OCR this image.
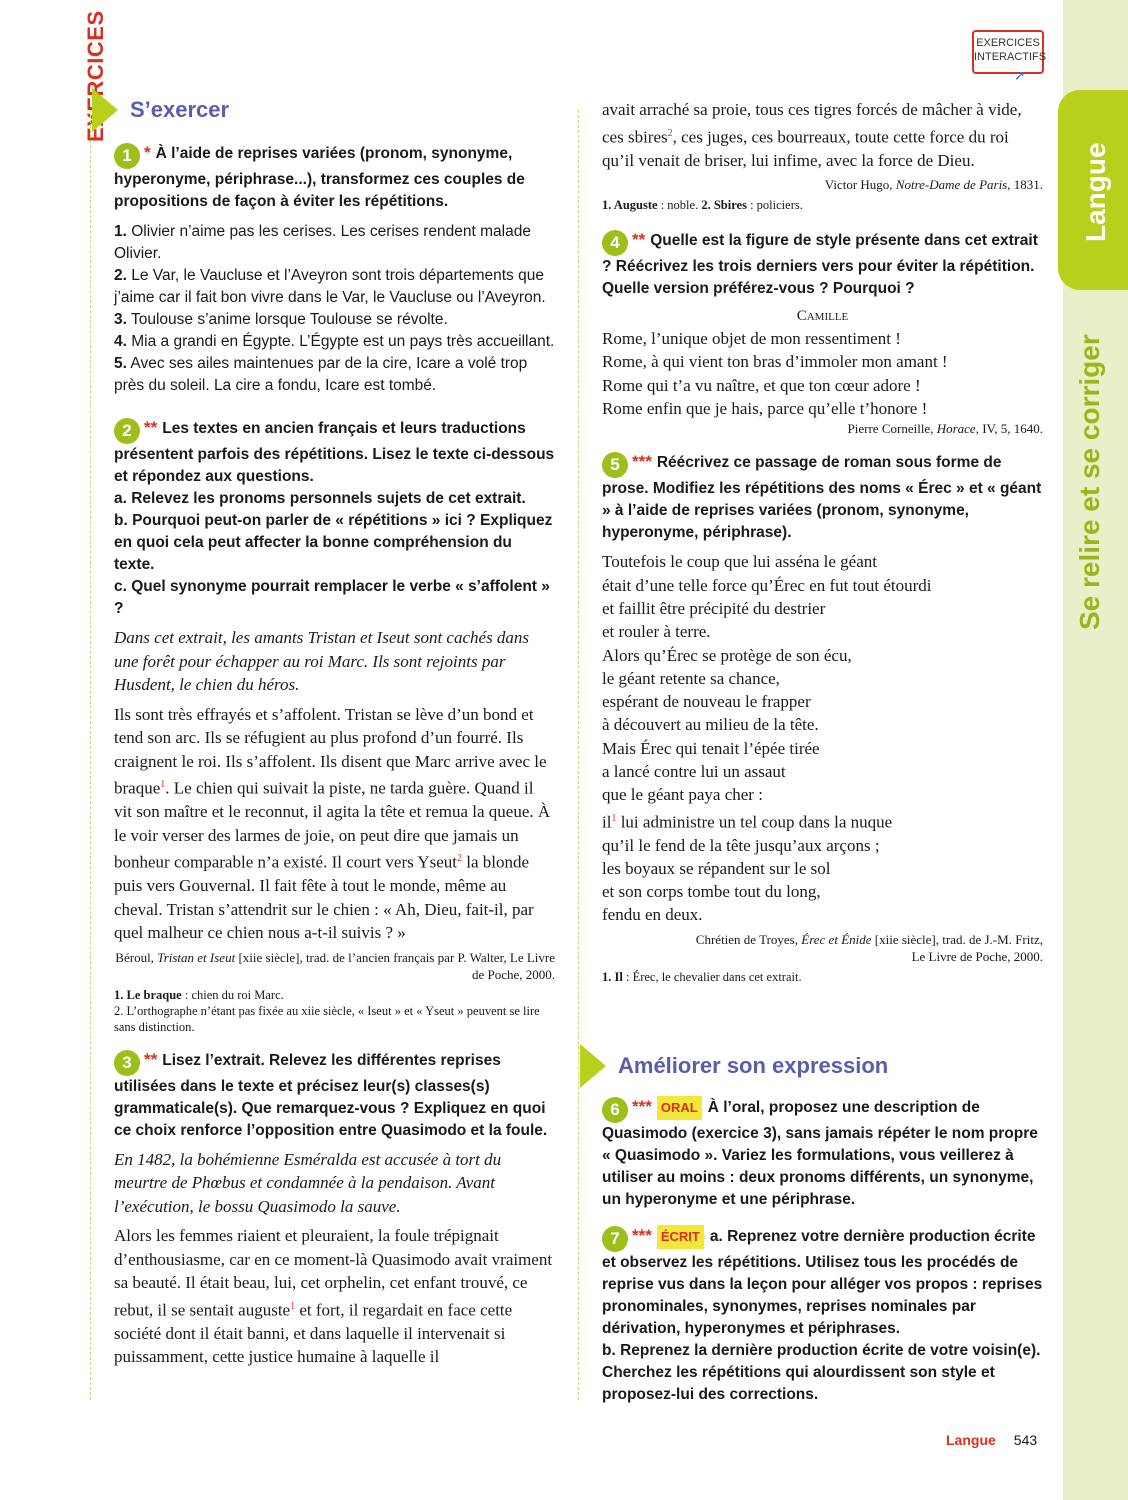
Langue
Se relire et se corriger
EXERCICES	EXERCICES
INTERACTIFS
➚
S’exercer

1 * À l’aide de reprises variées (pronom, synonyme, hyperonyme, périphrase...), transformez ces couples de propositions de façon à éviter les répétitions.

1. Olivier n’aime pas les cerises. Les cerises rendent malade Olivier.

2. Le Var, le Vaucluse et l’Aveyron sont trois départements que j’aime car il fait bon vivre dans le Var, le Vaucluse ou l’Aveyron.

3. Toulouse s’anime lorsque Toulouse se révolte.

4. Mia a grandi en Égypte. L’Égypte est un pays très accueillant.

5. Avec ses ailes maintenues par de la cire, Icare a volé trop près du soleil. La cire a fondu, Icare est tombé.

2 ** Les textes en ancien français et leurs traductions présentent parfois des répétitions. Lisez le texte ci-dessous et répondez aux questions.

a. Relevez les pronoms personnels sujets de cet extrait.

b. Pourquoi peut-on parler de « répétitions » ici ? Expliquez en quoi cela peut affecter la bonne compréhension du texte.

c. Quel synonyme pourrait remplacer le verbe « s’affolent » ?

Dans cet extrait, les amants Tristan et Iseut sont cachés dans une forêt pour échapper au roi Marc. Ils sont rejoints par Husdent, le chien du héros.

Ils sont très effrayés et s’affolent. Tristan se lève d’un bond et tend son arc. Ils se réfugient au plus profond d’un fourré. Ils craignent le roi. Ils s’affolent. Ils disent que Marc arrive avec le braque$^1$. Le chien qui suivait la piste, ne tarda guère. Quand il vit son maître et le reconnut, il agita la tête et remua la queue. À le voir verser des larmes de joie, on peut dire que jamais un bonheur comparable n’a existé. Il court vers Yseut$^2$ la blonde puis vers Gouvernal. Il fait fête à tout le monde, même au cheval. Tristan s’attendrit sur le chien : « Ah, Dieu, fait-il, par quel malheur ce chien nous a-t-il suivis ? »

Béroul, Tristan et Iseut [xiie siècle], trad. de l’ancien français par P. Walter, Le Livre de Poche, 2000.

1. Le braque : chien du roi Marc.

2. L’orthographe n’étant pas fixée au xiie siècle, « Iseut » et « Yseut » peuvent se lire sans distinction.

3 ** Lisez l’extrait. Relevez les différentes reprises utilisées dans le texte et précisez leur(s) classes(s) grammaticale(s). Que remarquez-vous ? Expliquez en quoi ce choix renforce l’opposition entre Quasimodo et la foule.

En 1482, la bohémienne Esméralda est accusée à tort du meurtre de Phœbus et condamnée à la pendaison. Avant l’exécution, le bossu Quasimodo la sauve.

Alors les femmes riaient et pleuraient, la foule trépignait d’enthousiasme, car en ce moment-là Quasimodo avait vraiment sa beauté. Il était beau, lui, cet orphelin, cet enfant trouvé, ce rebut, il se sentait auguste$^1$ et fort, il regardait en face cette société dont il était banni, et dans laquelle il intervenait si puissamment, cette justice humaine à laquelle il

avait arraché sa proie, tous ces tigres forcés de mâcher à vide, ces sbires$^2$, ces juges, ces bourreaux, toute cette force du roi qu’il venait de briser, lui infime, avec la force de Dieu.

Victor Hugo, Notre-Dame de Paris, 1831.

1. Auguste : noble. 2. Sbires : policiers.

4 ** Quelle est la figure de style présente dans cet extrait ? Réécrivez les trois derniers vers pour éviter la répétition. Quelle version préférez-vous ? Pourquoi ?

Camille

Rome, l’unique objet de mon ressentiment !

Rome, à qui vient ton bras d’immoler mon amant !

Rome qui t’a vu naître, et que ton cœur adore !

Rome enfin que je hais, parce qu’elle t’honore !

Pierre Corneille, Horace, IV, 5, 1640.

5 *** Réécrivez ce passage de roman sous forme de prose. Modifiez les répétitions des noms « Érec » et « géant » à l’aide de reprises variées (pronom, synonyme, hyperonyme, périphrase).

Toutefois le coup que lui asséna le géant

était d’une telle force qu’Érec en fut tout étourdi

et faillit être précipité du destrier

et rouler à terre.

Alors qu’Érec se protège de son écu,

le géant retente sa chance,

espérant de nouveau le frapper

à découvert au milieu de la tête.

Mais Érec qui tenait l’épée tirée

a lancé contre lui un assaut

que le géant paya cher :

$il^1$ lui administre un tel coup dans la nuque

qu’il le fend de la tête jusqu’aux arçons ;

les boyaux se répandent sur le sol

et son corps tombe tout du long,

fendu en deux.

Chrétien de Troyes, Érec et Énide [xiie siècle], trad. de J.-M. Fritz,
Le Livre de Poche, 2000.

1. Il : Érec, le chevalier dans cet extrait.

Améliorer son expression

6 *** ORAL À l’oral, proposez une description de Quasimodo (exercice 3), sans jamais répéter le nom propre « Quasimodo ». Variez les formulations, vous veillerez à utiliser au moins : deux pronoms différents, un synonyme, un hyperonyme et une périphrase.

7 *** ÉCRIT a. Reprenez votre dernière production écrite et observez les répétitions. Utilisez tous les procédés de reprise vus dans la leçon pour alléger vos propos : reprises pronominales, synonymes, reprises nominales par dérivation, hyperonymes et périphrases.

b. Reprenez la dernière production écrite de votre voisin(e). Cherchez les répétitions qui alourdissent son style et proposez-lui des corrections.

Langue 543
